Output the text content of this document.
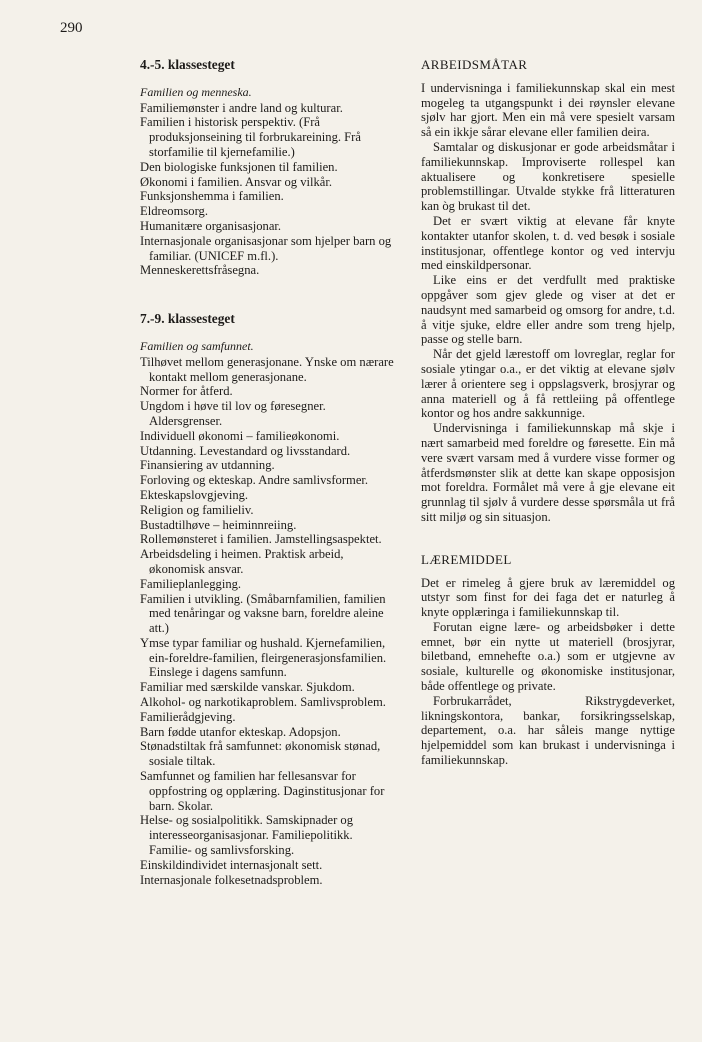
290
4.-5. klassesteget
Familien og menneska.
Familiemønster i andre land og kulturar.
Familien i historisk perspektiv. (Frå produksjonseining til forbrukareining. Frå storfamilie til kjernefamilie.)
Den biologiske funksjonen til familien.
Økonomi i familien. Ansvar og vilkår.
Funksjonshemma i familien.
Eldreomsorg.
Humanitære organisasjonar.
Internasjonale organisasjonar som hjelper barn og familiar. (UNICEF m.fl.).
Menneskerettsfråsegna.
7.-9. klassesteget
Familien og samfunnet.
Tilhøvet mellom generasjonane. Ynske om nærare kontakt mellom generasjonane.
Normer for åtferd.
Ungdom i høve til lov og føresegner. Aldersgrenser.
Individuell økonomi – familieøkonomi.
Utdanning. Levestandard og livsstandard.
Finansiering av utdanning.
Forloving og ekteskap. Andre samlivsformer.
Ekteskapslovgjeving.
Religion og familieliv.
Bustadtilhøve – heiminnreiing.
Rollemønsteret i familien. Jamstellingsaspektet.
Arbeidsdeling i heimen. Praktisk arbeid, økonomisk ansvar.
Familieplanlegging.
Familien i utvikling. (Småbarnfamilien, familien med tenåringar og vaksne barn, foreldre aleine att.)
Ymse typar familiar og hushald. Kjernefamilien, ein-foreldre-familien, fleirgenerasjonsfamilien. Einslege i dagens samfunn.
Familiar med særskilde vanskar. Sjukdom.
Alkohol- og narkotikaproblem. Samlivsproblem.
Familierådgjeving.
Barn fødde utanfor ekteskap. Adopsjon.
Stønadstiltak frå samfunnet: økonomisk stønad, sosiale tiltak.
Samfunnet og familien har fellesansvar for oppfostring og opplæring. Daginstitusjonar for barn. Skolar.
Helse- og sosialpolitikk. Samskipnader og interesseorganisasjonar. Familiepolitikk. Familie- og samlivsforsking.
Einskildindividet internasjonalt sett.
Internasjonale folkesetnadsproblem.
ARBEIDSMÅTAR

I undervisninga i familiekunnskap skal ein mest mogeleg ta utgangspunkt i dei røynsler elevane sjølv har gjort. Men ein må vere spesielt varsam så ein ikkje sårar elevane eller familien deira.

Samtalar og diskusjonar er gode arbeidsmåtar i familiekunnskap. Improviserte rollespel kan aktualisere og konkretisere spesielle problemstillingar. Utvalde stykke frå litteraturen kan òg brukast til det.

Det er svært viktig at elevane får knyte kontakter utanfor skolen, t. d. ved besøk i sosiale institusjonar, offentlege kontor og ved intervju med einskildpersonar.

Like eins er det verdfullt med praktiske oppgåver som gjev glede og viser at det er naudsynt med samarbeid og omsorg for andre, t.d. å vitje sjuke, eldre eller andre som treng hjelp, passe og stelle barn.

Når det gjeld lærestoff om lovreglar, reglar for sosiale ytingar o.a., er det viktig at elevane sjølv lærer å orientere seg i oppslagsverk, brosjyrar og anna materiell og å få rettleiing på offentlege kontor og hos andre sakkunnige.

Undervisninga i familiekunnskap må skje i nært samarbeid med foreldre og føresette. Ein må vere svært varsam med å vurdere visse former og åtferdsmønster slik at dette kan skape opposisjon mot foreldra. Formålet må vere å gje elevane eit grunnlag til sjølv å vurdere desse spørsmåla ut frå sitt miljø og sin situasjon.

LÆREMIDDEL

Det er rimeleg å gjere bruk av læremiddel og utstyr som finst for dei faga det er naturleg å knyte opplæringa i familiekunnskap til.

Forutan eigne lære- og arbeidsbøker i dette emnet, bør ein nytte ut materiell (brosjyrar, biletband, emnehefte o.a.) som er utgjevne av sosiale, kulturelle og økonomiske institusjonar, både offentlege og private.

Forbrukarrådet, Rikstrygdeverket, likningskontora, bankar, forsikringsselskap, departement, o.a. har såleis mange nyttige hjelpemiddel som kan brukast i undervisninga i familiekunnskap.
